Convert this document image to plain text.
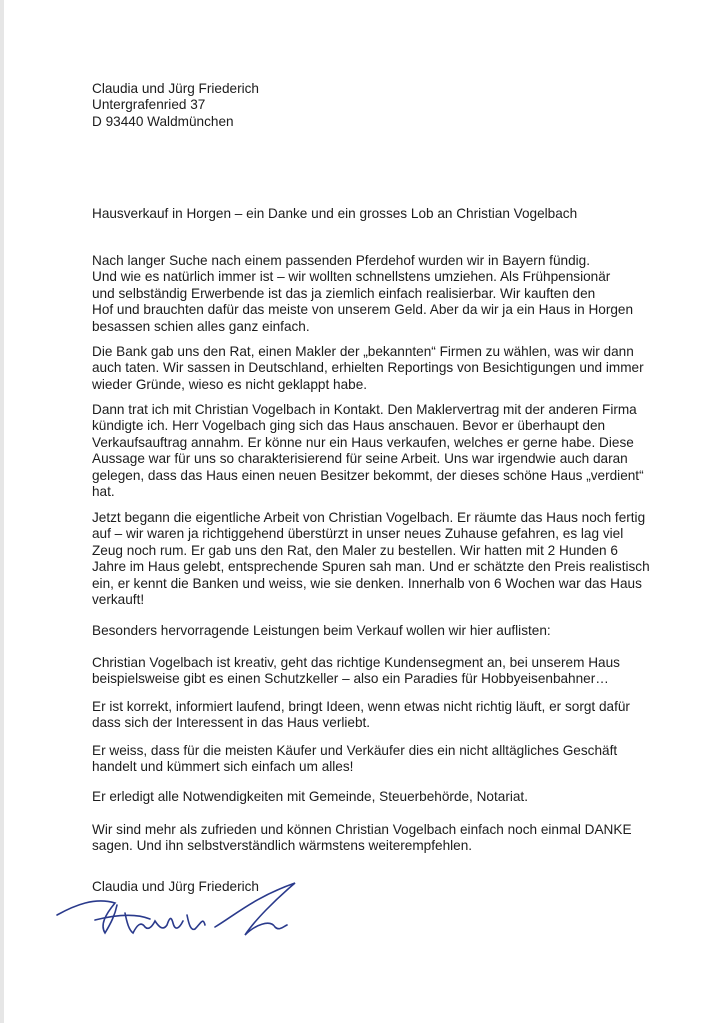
Claudia und Jürg Friederich
Untergrafenried 37
D 93440 Waldmünchen
Hausverkauf in Horgen – ein Danke und ein grosses Lob an Christian Vogelbach
Nach langer Suche nach einem passenden Pferdehof wurden wir in Bayern fündig.
Und wie es natürlich immer ist – wir wollten schnellstens umziehen. Als Frühpensionär
und selbständig Erwerbende ist das ja ziemlich einfach realisierbar. Wir kauften den
Hof und brauchten dafür das meiste von unserem Geld. Aber da wir ja ein Haus in Horgen
besassen schien alles ganz einfach.
Die Bank gab uns den Rat, einen Makler der „bekannten“ Firmen zu wählen, was wir dann
auch taten. Wir sassen in Deutschland, erhielten Reportings von Besichtigungen und immer
wieder Gründe, wieso es nicht geklappt habe.
Dann trat ich mit Christian Vogelbach in Kontakt. Den Maklervertrag mit der anderen Firma
kündigte ich. Herr Vogelbach ging sich das Haus anschauen. Bevor er überhaupt den
Verkaufsauftrag annahm. Er könne nur ein Haus verkaufen, welches er gerne habe. Diese
Aussage war für uns so charakterisierend für seine Arbeit. Uns war irgendwie auch daran
gelegen, dass das Haus einen neuen Besitzer bekommt, der dieses schöne Haus „verdient“
hat.
Jetzt begann die eigentliche Arbeit von Christian Vogelbach. Er räumte das Haus noch fertig
auf – wir waren ja richtiggehend überstürzt in unser neues Zuhause gefahren, es lag viel
Zeug noch rum. Er gab uns den Rat, den Maler zu bestellen. Wir hatten mit 2 Hunden 6
Jahre im Haus gelebt, entsprechende Spuren sah man. Und er schätzte den Preis realistisch
ein, er kennt die Banken und weiss, wie sie denken. Innerhalb von 6 Wochen war das Haus
verkauft!
Besonders hervorragende Leistungen beim Verkauf wollen wir hier auflisten:
Christian Vogelbach ist kreativ, geht das richtige Kundensegment an, bei unserem Haus
beispielsweise gibt es einen Schutzkeller – also ein Paradies für Hobbyeisenbahner…
Er ist korrekt, informiert laufend, bringt Ideen, wenn etwas nicht richtig läuft, er sorgt dafür
dass sich der Interessent in das Haus verliebt.
Er weiss, dass für die meisten Käufer und Verkäufer dies ein nicht alltägliches Geschäft
handelt und kümmert sich einfach um alles!
Er erledigt alle Notwendigkeiten mit Gemeinde, Steuerbehörde, Notariat.
Wir sind mehr als zufrieden und können Christian Vogelbach einfach noch einmal DANKE
sagen. Und ihn selbstverständlich wärmstens weiterempfehlen.
Claudia und Jürg Friederich
